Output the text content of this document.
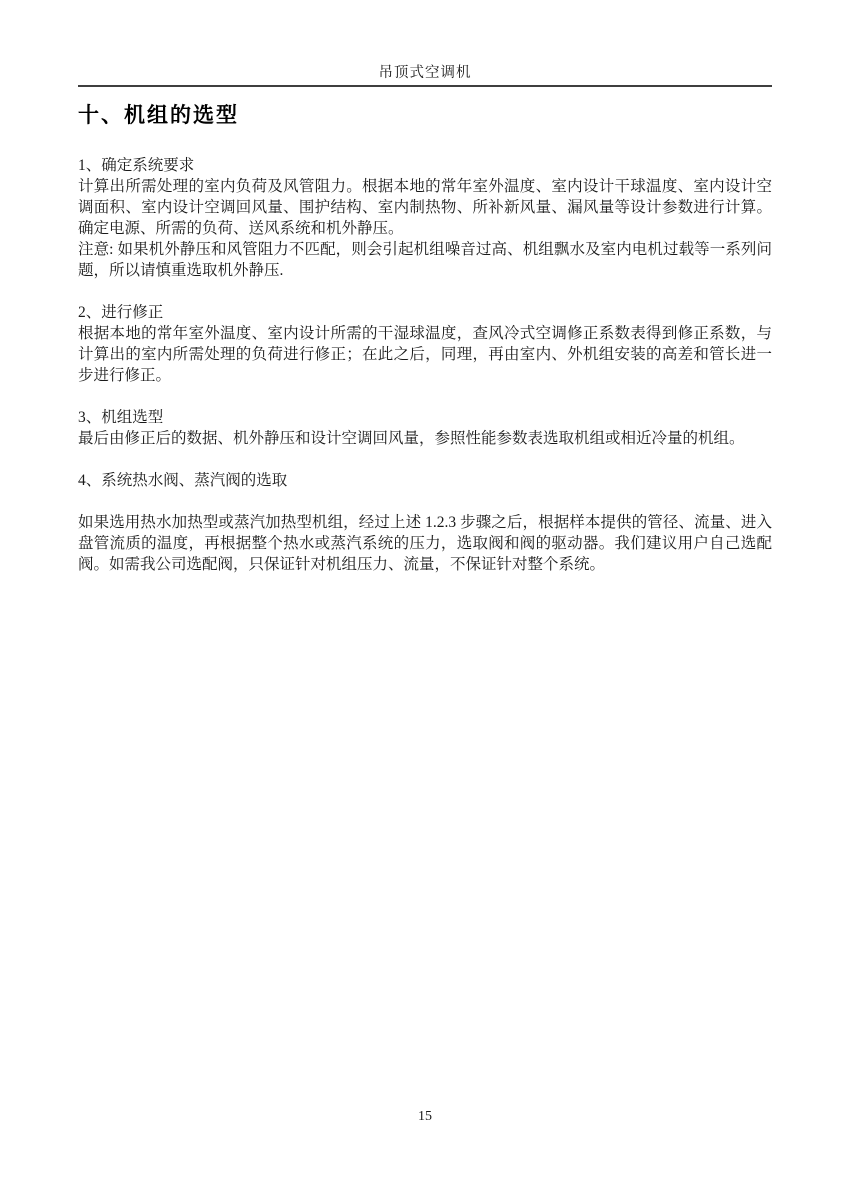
吊顶式空调机
十、机组的选型

1、确定系统要求

计算出所需处理的室内负荷及风管阻力。根据本地的常年室外温度、室内设计干球温度、室内设计空调面积、室内设计空调回风量、围护结构、室内制热物、所补新风量、漏风量等设计参数进行计算。确定电源、所需的负荷、送风系统和机外静压。

注意: 如果机外静压和风管阻力不匹配，则会引起机组噪音过高、机组飘水及室内电机过载等一系列问题，所以请慎重选取机外静压.

2、进行修正

根据本地的常年室外温度、室内设计所需的干湿球温度，查风冷式空调修正系数表得到修正系数，与计算出的室内所需处理的负荷进行修正；在此之后，同理，再由室内、外机组安装的高差和管长进一步进行修正。

3、机组选型

最后由修正后的数据、机外静压和设计空调回风量，参照性能参数表选取机组或相近冷量的机组。

4、系统热水阀、蒸汽阀的选取

如果选用热水加热型或蒸汽加热型机组，经过上述 1.2.3 步骤之后，根据样本提供的管径、流量、进入盘管流质的温度，再根据整个热水或蒸汽系统的压力，选取阀和阀的驱动器。我们建议用户自己选配阀。如需我公司选配阀，只保证针对机组压力、流量，不保证针对整个系统。

15
